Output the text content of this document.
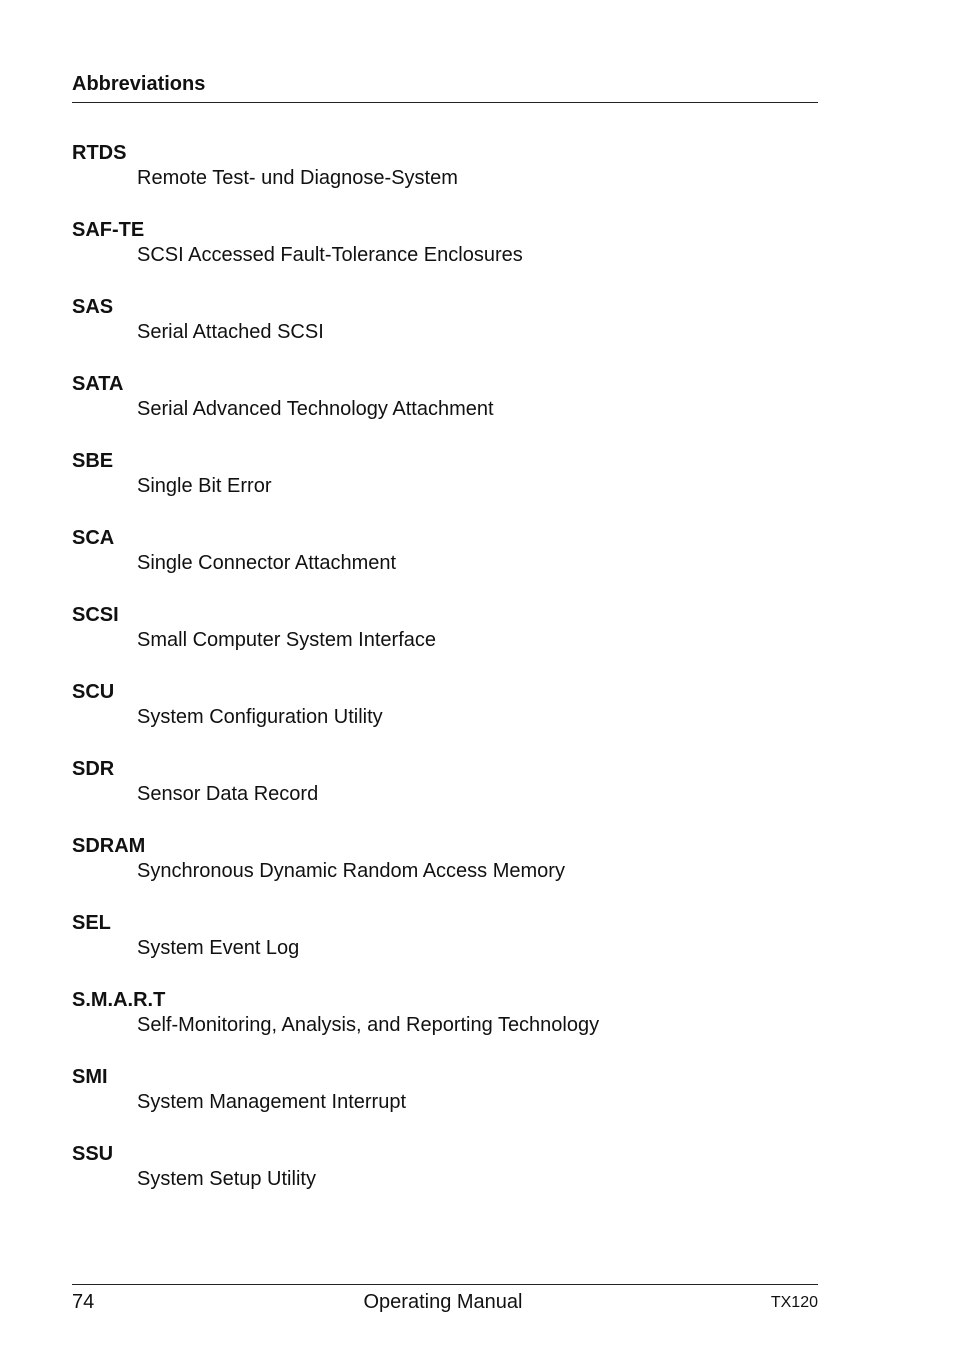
Abbreviations
RTDS
Remote Test- und Diagnose-System
SAF-TE
SCSI Accessed Fault-Tolerance Enclosures
SAS
Serial Attached SCSI
SATA
Serial Advanced Technology Attachment
SBE
Single Bit Error
SCA
Single Connector Attachment
SCSI
Small Computer System Interface
SCU
System Configuration Utility
SDR
Sensor Data Record
SDRAM
Synchronous Dynamic Random Access Memory
SEL
System Event Log
S.M.A.R.T
Self-Monitoring, Analysis, and Reporting Technology
SMI
System Management Interrupt
SSU
System Setup Utility
74	Operating Manual	TX120
